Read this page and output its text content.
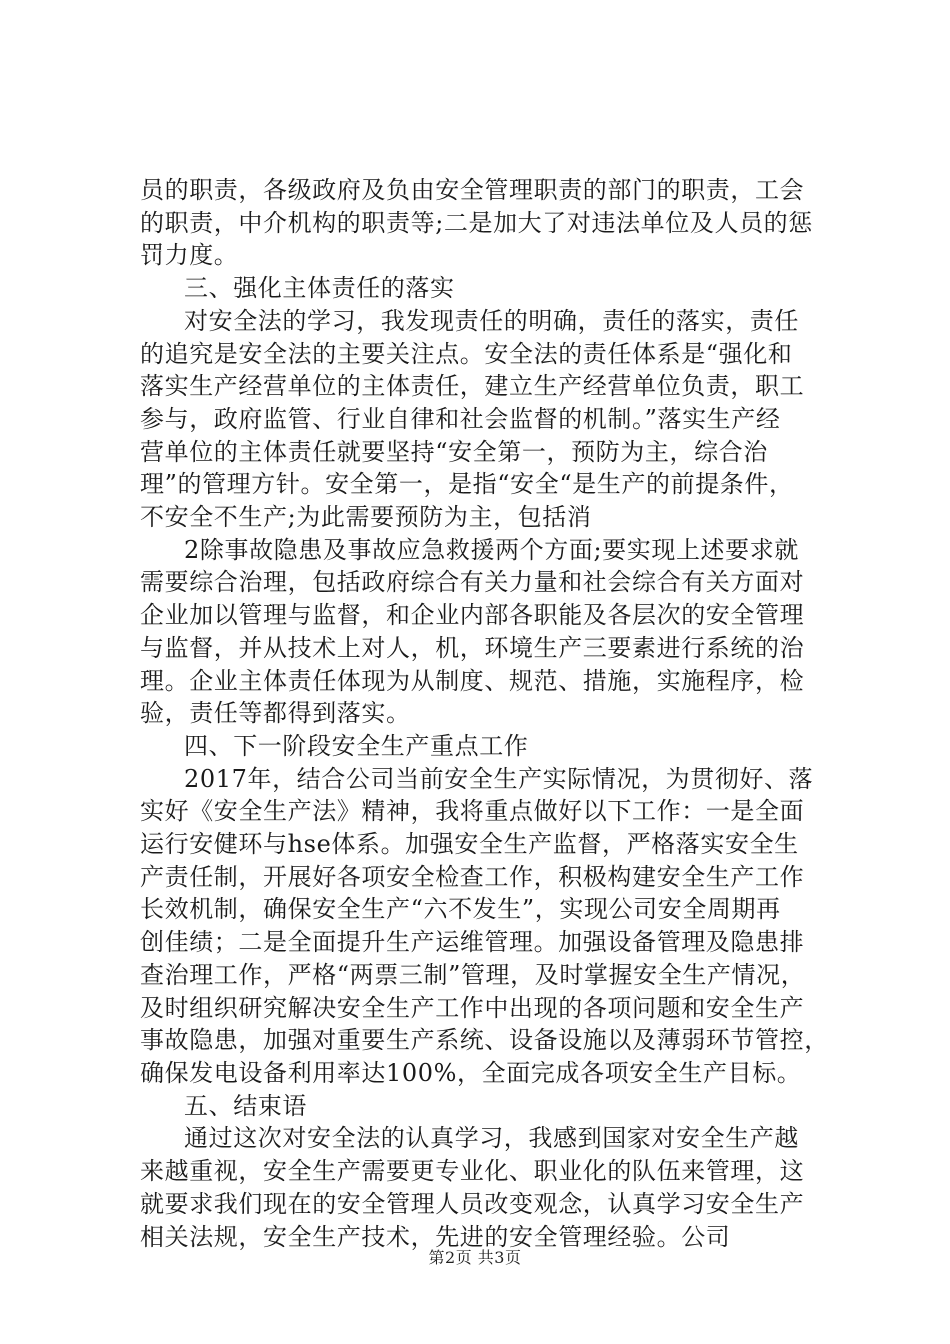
员的职责，各级政府及负由安全管理职责的部门的职责，工会

的职责，中介机构的职责等;二是加大了对违法单位及人员的惩

罚力度。

三、强化主体责任的落实

对安全法的学习，我发现责任的明确，责任的落实，责任

的追究是安全法的主要关注点。安全法的责任体系是“强化和

落实生产经营单位的主体责任，建立生产经营单位负责，职工

参与，政府监管、行业自律和社会监督的机制。”落实生产经

营单位的主体责任就要坚持“安全第一，预防为主，综合治

理”的管理方针。安全第一，是指“安全“是生产的前提条件，

不安全不生产;为此需要预防为主，包括消

2除事故隐患及事故应急救援两个方面;要实现上述要求就

需要综合治理，包括政府综合有关力量和社会综合有关方面对

企业加以管理与监督，和企业内部各职能及各层次的安全管理

与监督，并从技术上对人，机，环境生产三要素进行系统的治

理。企业主体责任体现为从制度、规范、措施，实施程序，检

验，责任等都得到落实。

四、下一阶段安全生产重点工作

2017年，结合公司当前安全生产实际情况，为贯彻好、落

实好《安全生产法》精神，我将重点做好以下工作：一是全面

运行安健环与hse体系。加强安全生产监督，严格落实安全生

产责任制，开展好各项安全检查工作，积极构建安全生产工作

长效机制，确保安全生产“六不发生”，实现公司安全周期再

创佳绩；二是全面提升生产运维管理。加强设备管理及隐患排

查治理工作，严格“两票三制”管理，及时掌握安全生产情况，

及时组织研究解决安全生产工作中出现的各项问题和安全生产

事故隐患，加强对重要生产系统、设备设施以及薄弱环节管控，

确保发电设备利用率达100%，全面完成各项安全生产目标。

五、结束语

通过这次对安全法的认真学习，我感到国家对安全生产越

来越重视，安全生产需要更专业化、职业化的队伍来管理，这

就要求我们现在的安全管理人员改变观念，认真学习安全生产

相关法规，安全生产技术，先进的安全管理经验。公司

第2页 共3页
